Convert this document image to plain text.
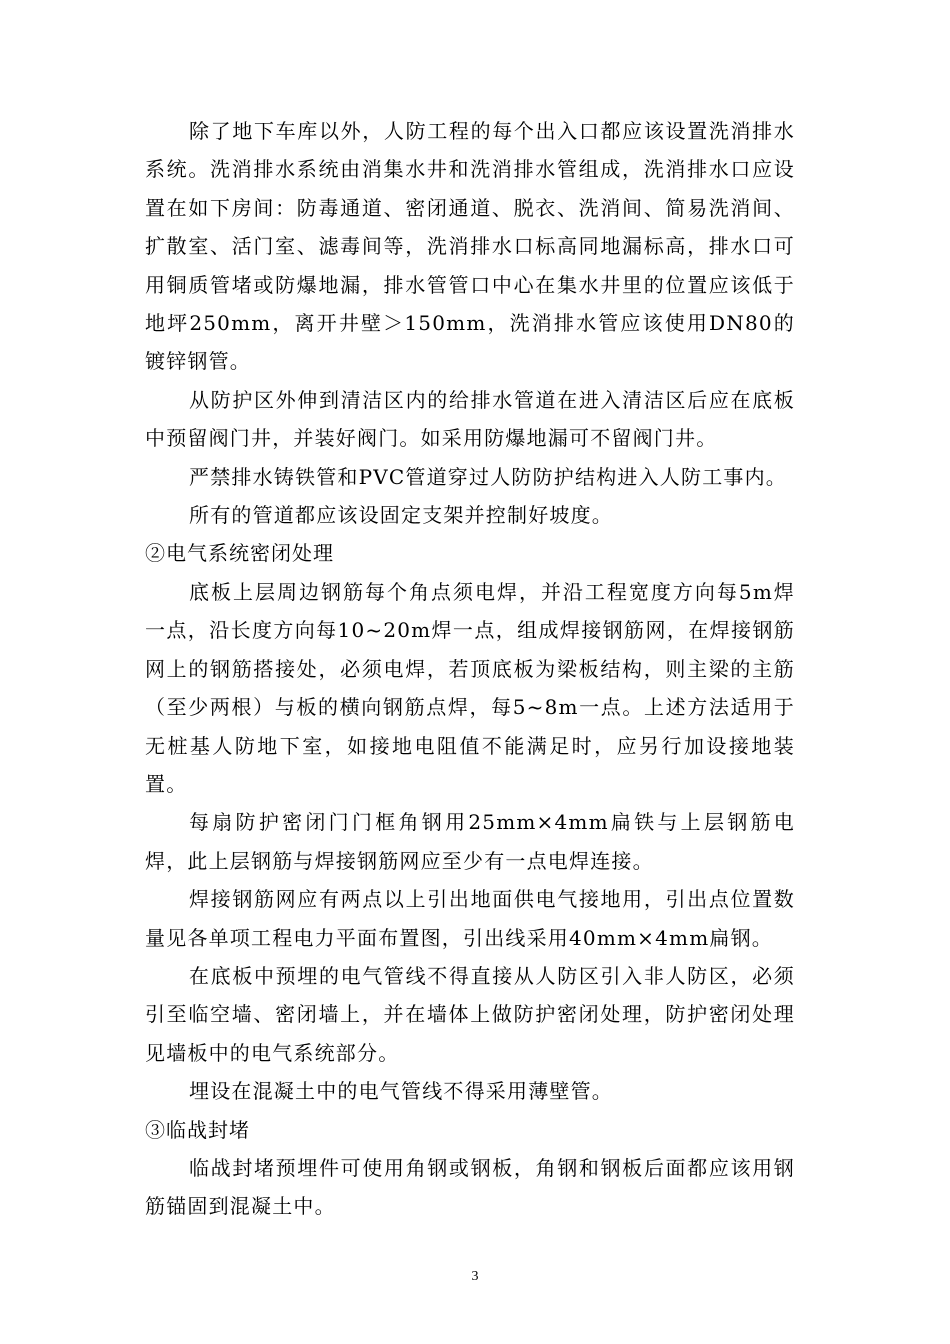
除了地下车库以外，人防工程的每个出入口都应该设置洗消排水系统。洗消排水系统由消集水井和洗消排水管组成，洗消排水口应设置在如下房间：防毒通道、密闭通道、脱衣、洗消间、简易洗消间、扩散室、活门室、滤毒间等，洗消排水口标高同地漏标高，排水口可用铜质管堵或防爆地漏，排水管管口中心在集水井里的位置应该低于地坪250mm，离开井壁＞150mm，洗消排水管应该使用DN80的镀锌钢管。

从防护区外伸到清洁区内的给排水管道在进入清洁区后应在底板中预留阀门井，并装好阀门。如采用防爆地漏可不留阀门井。

严禁排水铸铁管和PVC管道穿过人防防护结构进入人防工事内。

所有的管道都应该设固定支架并控制好坡度。

②电气系统密闭处理

底板上层周边钢筋每个角点须电焊，并沿工程宽度方向每5m焊一点，沿长度方向每10~20m焊一点，组成焊接钢筋网，在焊接钢筋网上的钢筋搭接处，必须电焊，若顶底板为梁板结构，则主梁的主筋（至少两根）与板的横向钢筋点焊，每5~8m一点。上述方法适用于无桩基人防地下室，如接地电阻值不能满足时，应另行加设接地装置。

每扇防护密闭门门框角钢用25mm×4mm扁铁与上层钢筋电焊，此上层钢筋与焊接钢筋网应至少有一点电焊连接。

焊接钢筋网应有两点以上引出地面供电气接地用，引出点位置数量见各单项工程电力平面布置图，引出线采用40mm×4mm扁钢。

在底板中预埋的电气管线不得直接从人防区引入非人防区，必须引至临空墙、密闭墙上，并在墙体上做防护密闭处理，防护密闭处理见墙板中的电气系统部分。

埋设在混凝土中的电气管线不得采用薄壁管。

③临战封堵

临战封堵预埋件可使用角钢或钢板，角钢和钢板后面都应该用钢筋锚固到混凝土中。

3
